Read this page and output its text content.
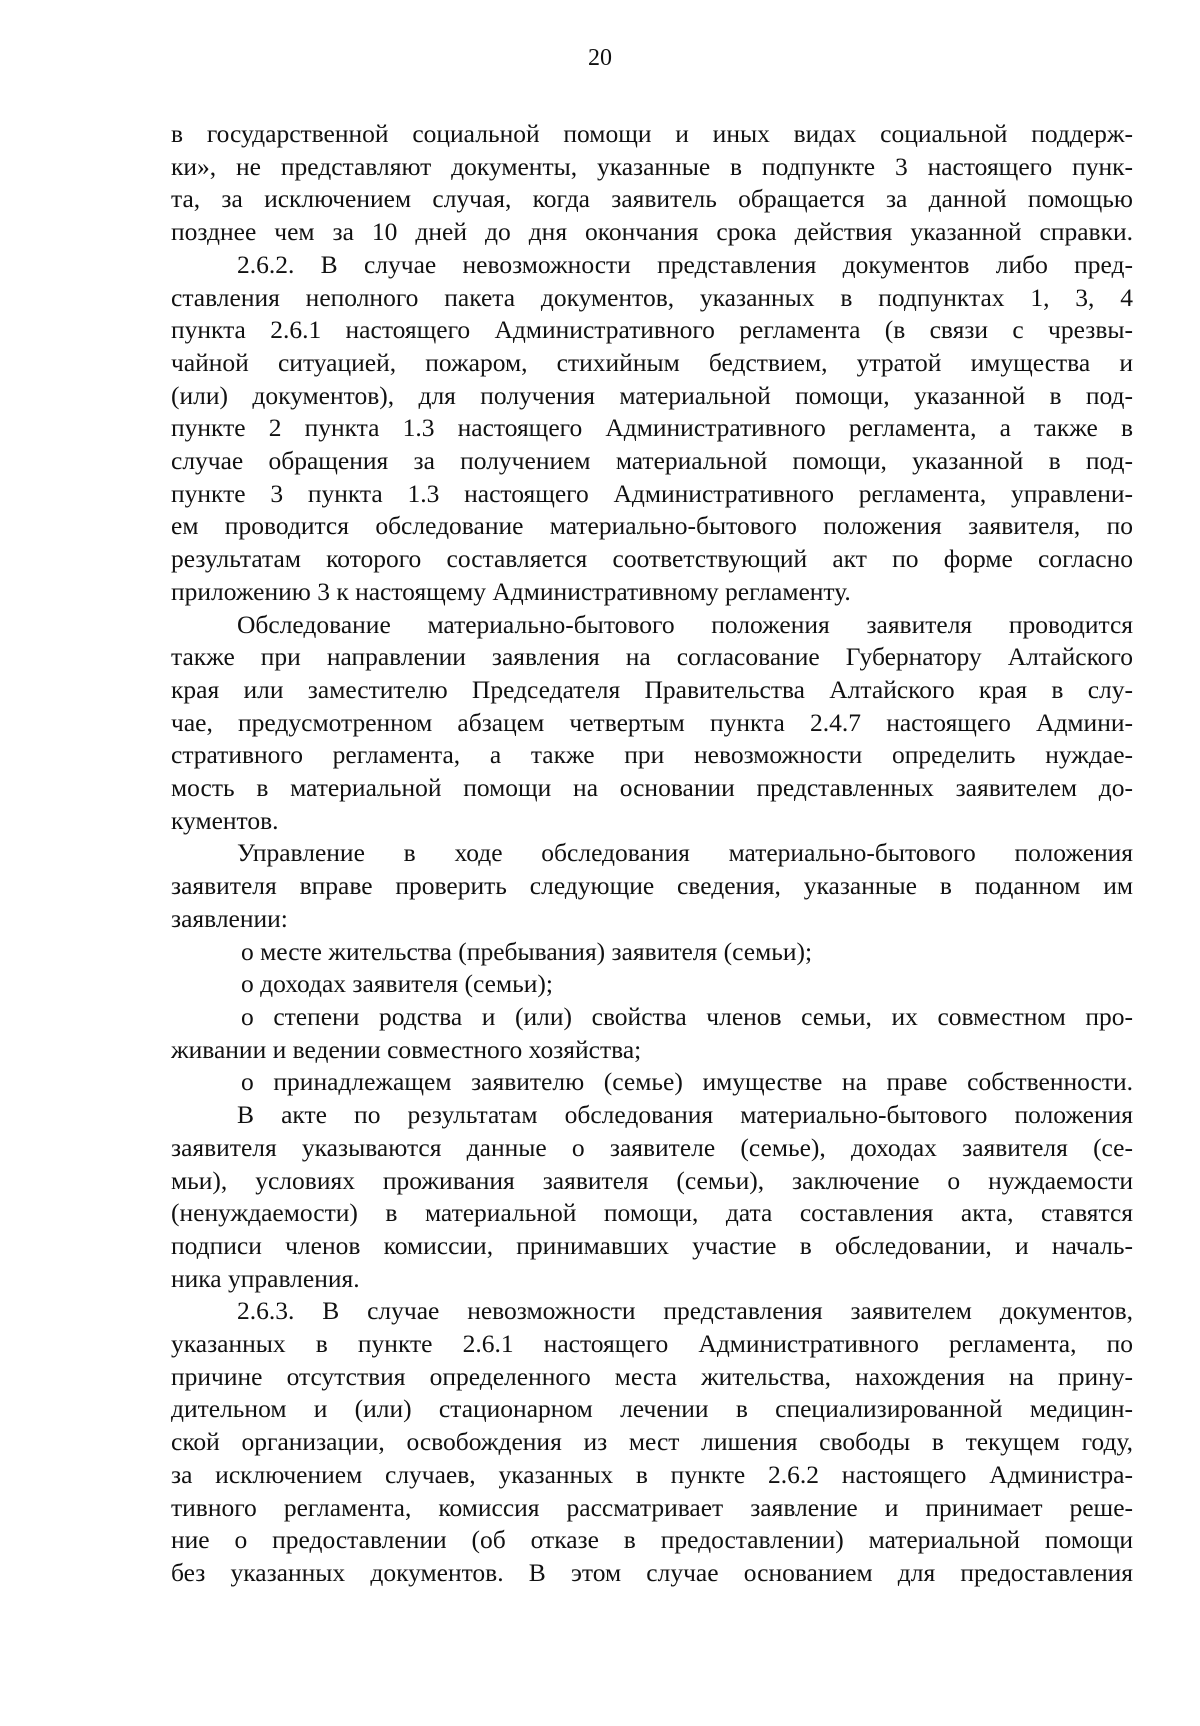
20
в государственной социальной помощи и иных видах социальной поддерж-
ки», не представляют документы, указанные в подпункте 3 настоящего пунк-
та, за исключением случая, когда заявитель обращается за данной помощью
позднее чем за 10 дней до дня окончания срока действия указанной справки.
2.6.2. В случае невозможности представления документов либо пред-
ставления неполного пакета документов, указанных в подпунктах 1, 3, 4
пункта 2.6.1 настоящего Административного регламента (в связи с чрезвы-
чайной ситуацией, пожаром, стихийным бедствием, утратой имущества и
(или) документов), для получения материальной помощи, указанной в под-
пункте 2 пункта 1.3 настоящего Административного регламента, а также в
случае обращения за получением материальной помощи, указанной в под-
пункте 3 пункта 1.3 настоящего Административного регламента, управлени-
ем проводится обследование материально-бытового положения заявителя, по
результатам которого составляется соответствующий акт по форме согласно
приложению 3 к настоящему Административному регламенту.
Обследование материально-бытового положения заявителя проводится
также при направлении заявления на согласование Губернатору Алтайского
края или заместителю Председателя Правительства Алтайского края в слу-
чае, предусмотренном абзацем четвертым пункта 2.4.7 настоящего Админи-
стративного регламента, а также при невозможности определить нуждае-
мость в материальной помощи на основании представленных заявителем до-
кументов.
Управление в ходе обследования материально-бытового положения
заявителя вправе проверить следующие сведения, указанные в поданном им
заявлении:
о месте жительства (пребывания) заявителя (семьи);
о доходах заявителя (семьи);
о степени родства и (или) свойства членов семьи, их совместном про-
живании и ведении совместного хозяйства;
о принадлежащем заявителю (семье) имуществе на праве собственности.
В акте по результатам обследования материально-бытового положения
заявителя указываются данные о заявителе (семье), доходах заявителя (се-
мьи), условиях проживания заявителя (семьи), заключение о нуждаемости
(ненуждаемости) в материальной помощи, дата составления акта, ставятся
подписи членов комиссии, принимавших участие в обследовании, и началь-
ника управления.
2.6.3. В случае невозможности представления заявителем документов,
указанных в пункте 2.6.1 настоящего Административного регламента, по
причине отсутствия определенного места жительства, нахождения на прину-
дительном и (или) стационарном лечении в специализированной медицин-
ской организации, освобождения из мест лишения свободы в текущем году,
за исключением случаев, указанных в пункте 2.6.2 настоящего Администра-
тивного регламента, комиссия рассматривает заявление и принимает реше-
ние о предоставлении (об отказе в предоставлении) материальной помощи
без указанных документов. В этом случае основанием для предоставления
